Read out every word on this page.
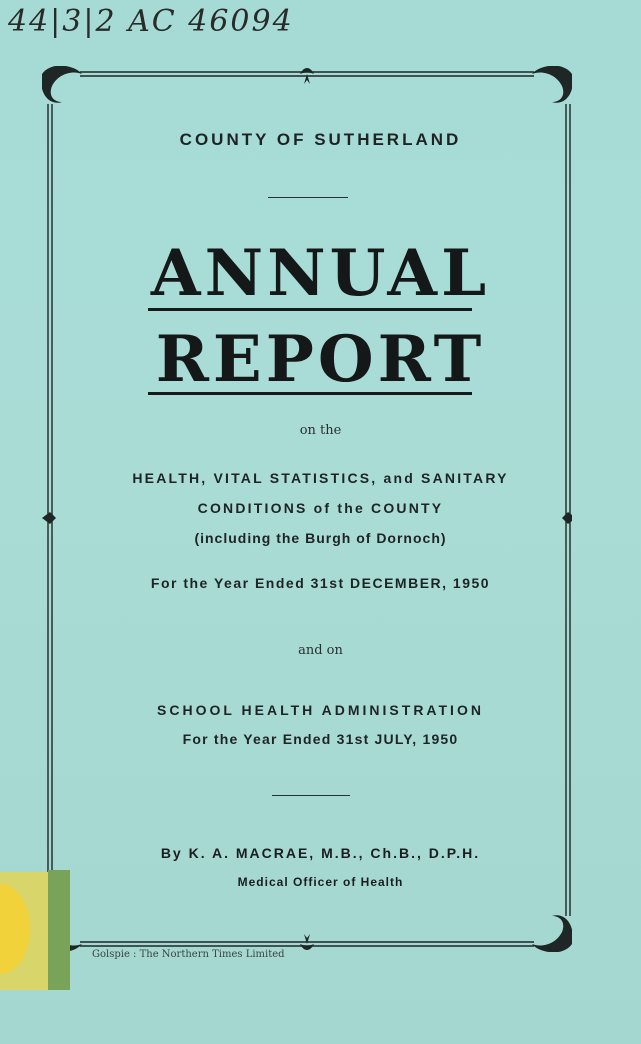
44|3|2 AC 46094
COUNTY OF SUTHERLAND
ANNUAL
REPORT
on the
HEALTH, VITAL STATISTICS, and SANITARY
CONDITIONS of the COUNTY
(including the Burgh of Dornoch)
For the Year Ended 31st DECEMBER, 1950
and on
SCHOOL HEALTH ADMINISTRATION
For the Year Ended 31st JULY, 1950
By K. A. MACRAE, M.B., Ch.B., D.P.H.
Medical Officer of Health
Golspie : The Northern Times Limited
